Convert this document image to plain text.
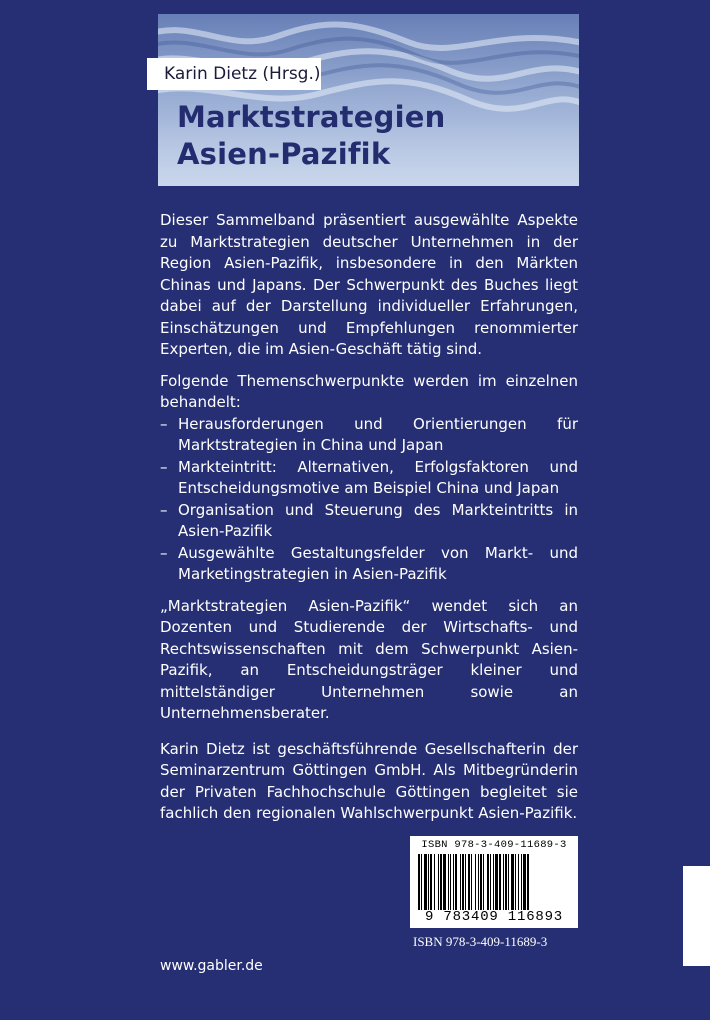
Karin Dietz (Hrsg.)
Marktstrategien
Asien-Pazifik

Dieser Sammelband präsentiert ausgewählte Aspekte zu Marktstrategien deutscher Unternehmen in der Region Asien-Pazifik, insbesondere in den Märkten Chinas und Japans. Der Schwerpunkt des Buches liegt dabei auf der Darstellung individueller Erfahrungen, Einschätzungen und Empfehlungen renommierter Experten, die im Asien-Geschäft tätig sind.

Folgende Themenschwerpunkte werden im einzelnen behandelt:

– Herausforderungen und Orientierungen für Marktstrategien in China und Japan
– Markteintritt: Alternativen, Erfolgsfaktoren und Entscheidungsmotive am Beispiel China und Japan
– Organisation und Steuerung des Markteintritts in Asien-Pazifik
– Ausgewählte Gestaltungsfelder von Markt- und Marketingstrategien in Asien-Pazifik

„Marktstrategien Asien-Pazifik“ wendet sich an Dozenten und Studierende der Wirtschafts- und Rechtswissenschaften mit dem Schwerpunkt Asien-Pazifik, an Entscheidungsträger kleiner und mittelständiger Unternehmen sowie an Unternehmensberater.

Karin Dietz ist geschäftsführende Gesellschafterin der Seminarzentrum Göttingen GmbH. Als Mitbegründerin der Privaten Fachhochschule Göttingen begleitet sie fachlich den regionalen Wahlschwerpunkt Asien-Pazifik.

ISBN 978-3-409-11689-3
9 783409 116893
ISBN 978-3-409-11689-3
www.gabler.de
